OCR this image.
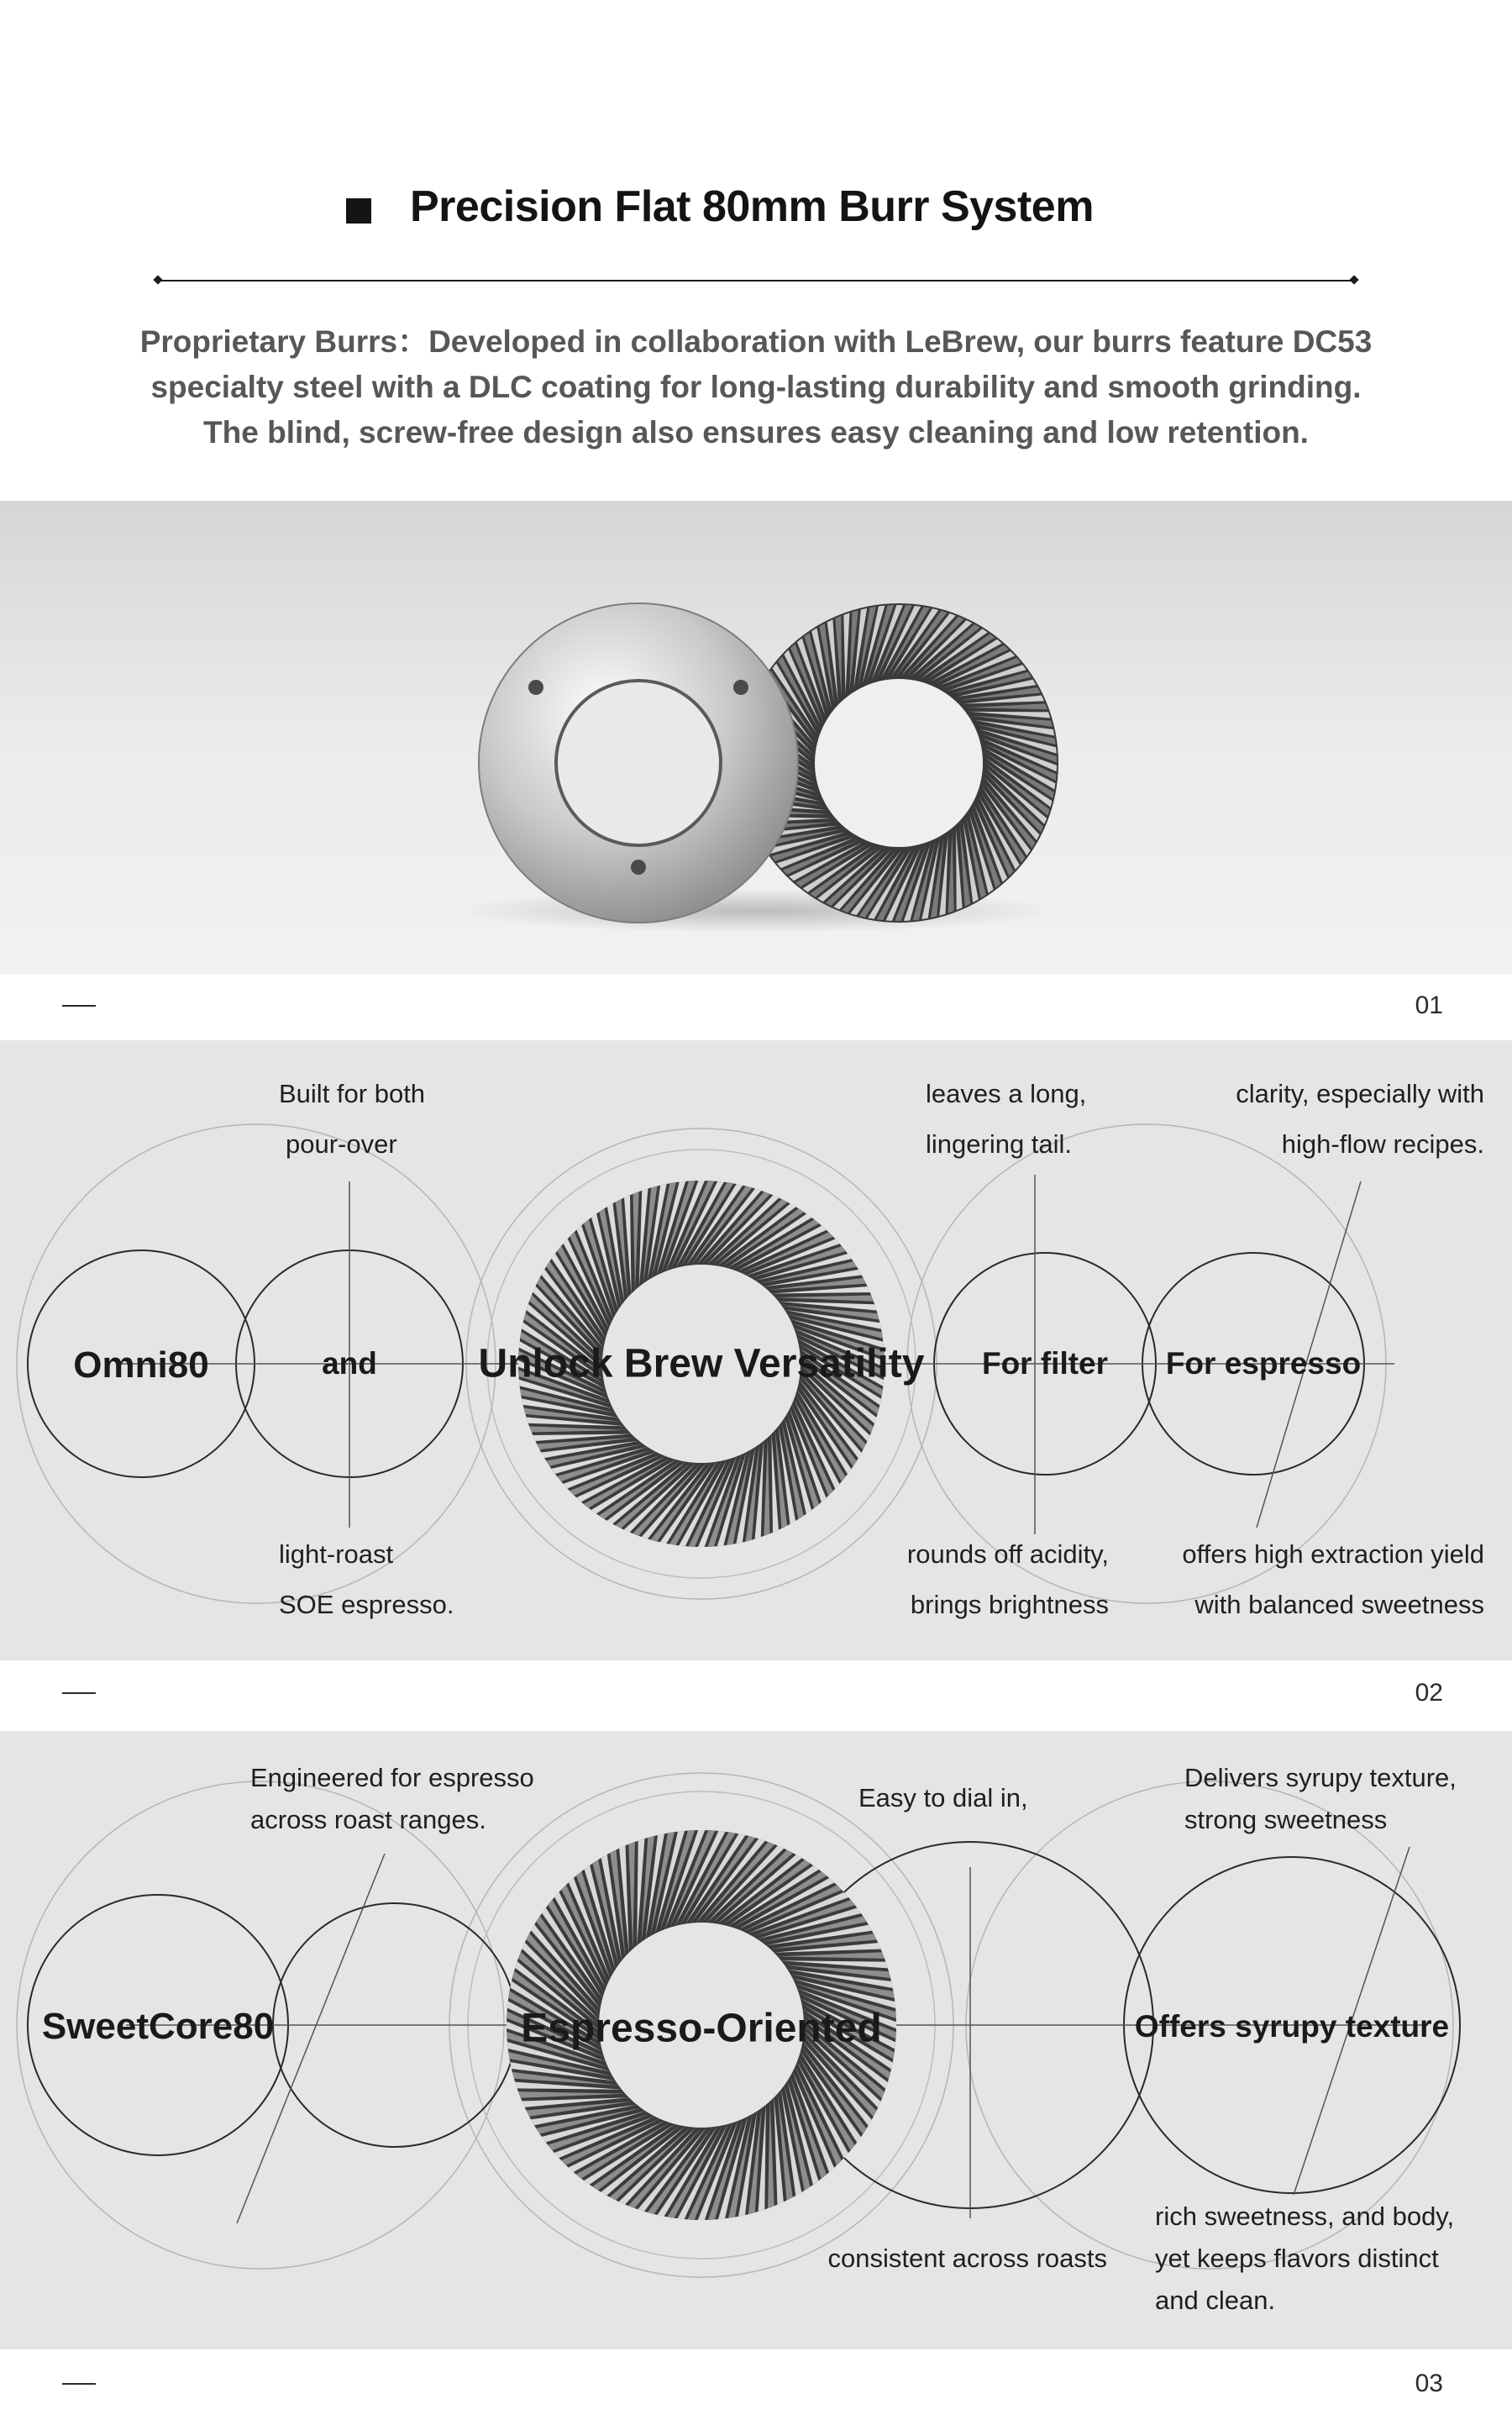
Precision Flat 80mm Burr System

Proprietary Burrs：Developed in collaboration with LeBrew, our burrs feature DC53

specialty steel with a DLC coating for long-lasting durability and smooth grinding.

The blind, screw-free design also ensures easy cleaning and low retention.

01
Omni80	and	Unlock Brew Versatility For filter For espresso
Built for both
pour-over
light-roast
SOE espresso.
leaves a long,
lingering tail.
rounds off acidity,
brings brightness
clarity, especially with
high-flow recipes.
offers high extraction yield
with balanced sweetness
02
SweetCore80	Espresso-Oriented	Offers syrupy texture
Engineered for espresso
across roast ranges.
Easy to dial in,
consistent across roasts
Delivers syrupy texture,
strong sweetness
rich sweetness, and body,
yet keeps flavors distinct
and clean.
03
